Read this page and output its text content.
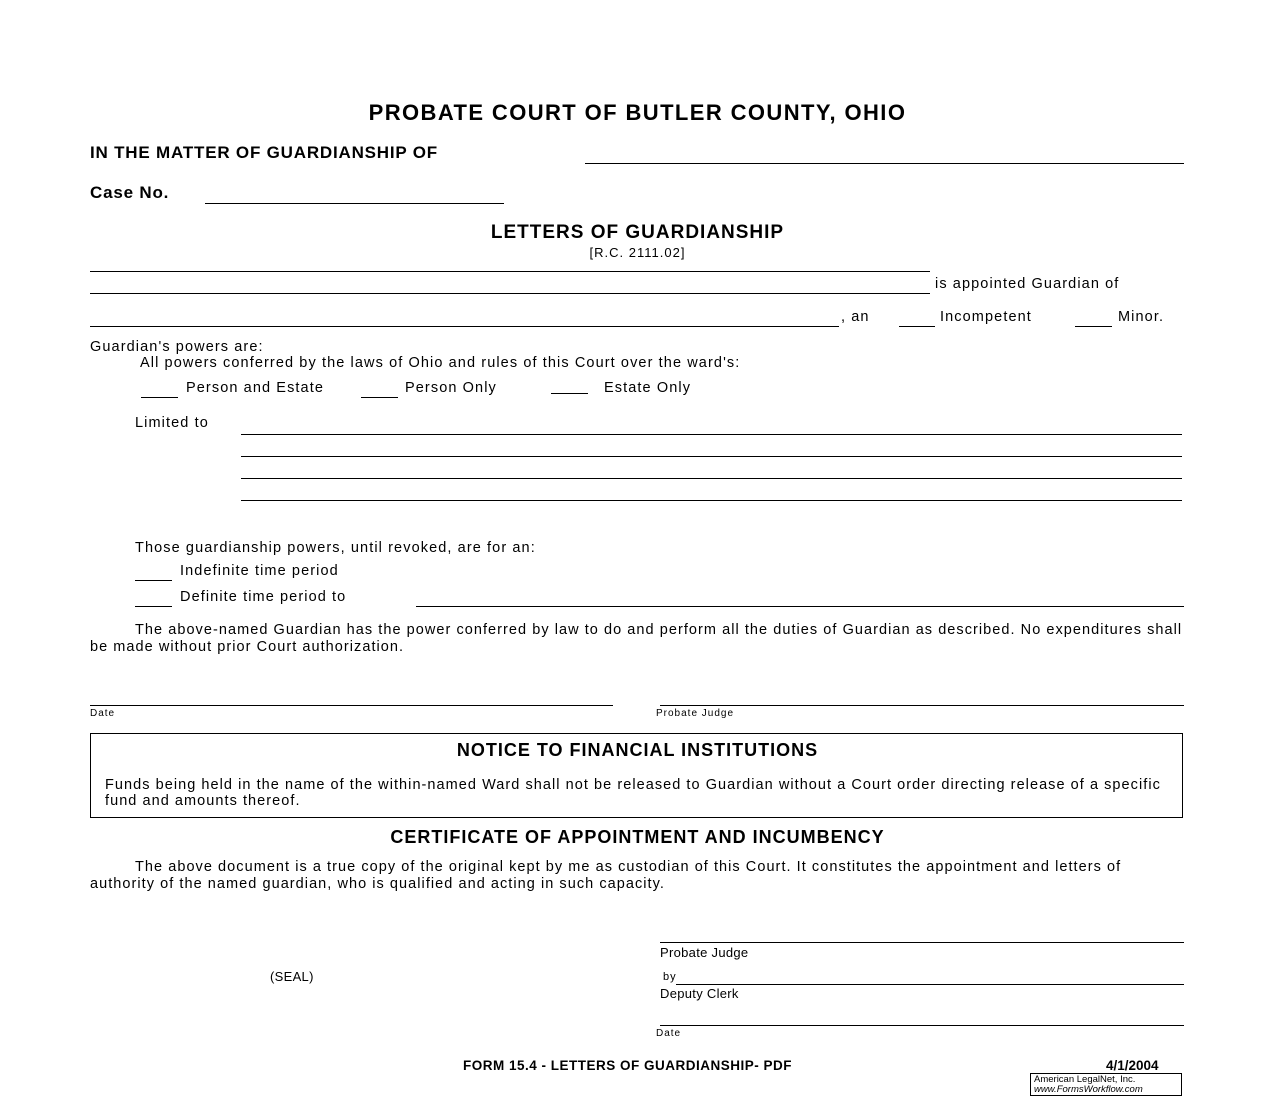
PROBATE COURT OF BUTLER COUNTY, OHIO
IN THE MATTER OF GUARDIANSHIP OF
Case No.
LETTERS OF GUARDIANSHIP
[R.C. 2111.02]
is appointed Guardian of
, an	Incompetent	Minor.
Guardian's powers are:
All powers conferred by the laws of Ohio and rules of this Court over the ward's:
Person and Estate	Person Only	Estate Only
Limited to
Those guardianship powers, until revoked, are for an:
Indefinite time period
Definite time period to
The above-named Guardian has the power conferred by law to do and perform all the duties of Guardian as described. No expenditures shall be made without prior Court authorization.
Date	Probate Judge
NOTICE TO FINANCIAL INSTITUTIONS
Funds being held in the name of the within-named Ward shall not be released to Guardian without a Court order directing release of a specific fund and amounts thereof.
CERTIFICATE OF APPOINTMENT AND INCUMBENCY
The above document is a true copy of the original kept by me as custodian of this Court. It constitutes the appointment and letters of authority of the named guardian, who is qualified and acting in such capacity.
(SEAL)
Probate Judge
by
Deputy Clerk
Date
FORM 15.4 - LETTERS OF GUARDIANSHIP- PDF	4/1/2004
American LegalNet, Inc.
www.FormsWorkflow.com
